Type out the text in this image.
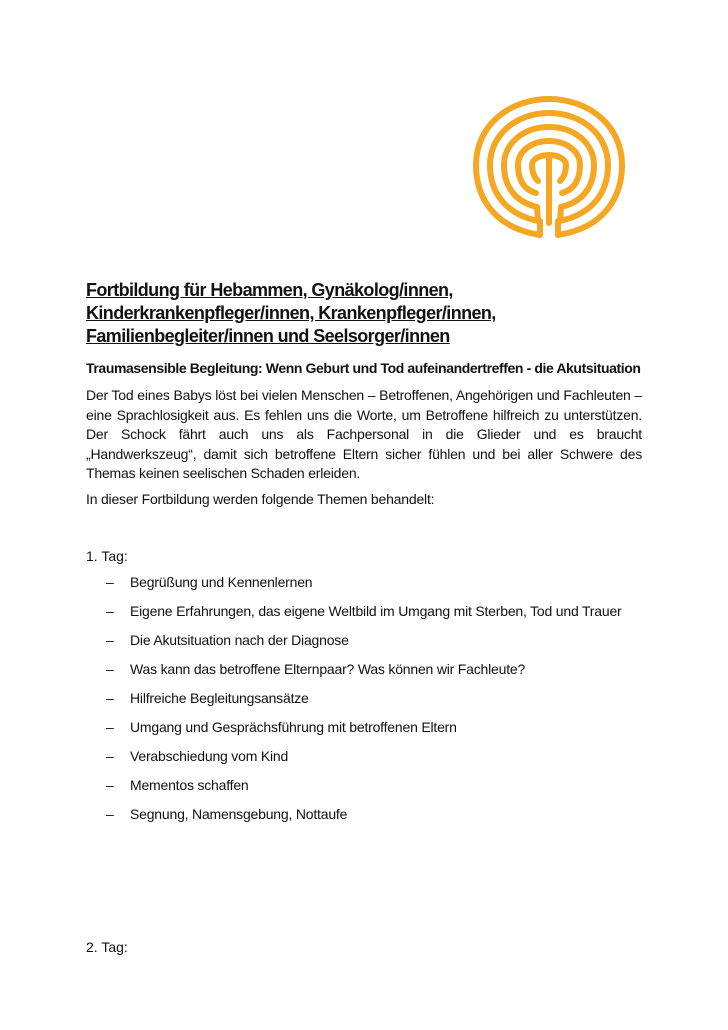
Fortbildung für Hebammen, Gynäkolog/innen, Kinderkrankenpfleger/innen, Krankenpfleger/innen, Familienbegleiter/innen und Seelsorger/innen
Traumasensible Begleitung: Wenn Geburt und Tod aufeinandertreffen - die Akutsituation
Der Tod eines Babys löst bei vielen Menschen – Betroffenen, Angehörigen und Fachleuten – eine Sprachlosigkeit aus. Es fehlen uns die Worte, um Betroffene hilfreich zu unterstützen. Der Schock fährt auch uns als Fachpersonal in die Glieder und es braucht „Handwerkszeug“, damit sich betroffene Eltern sicher fühlen und bei aller Schwere des Themas keinen seelischen Schaden erleiden.
In dieser Fortbildung werden folgende Themen behandelt:
1. Tag:
– Begrüßung und Kennenlernen
– Eigene Erfahrungen, das eigene Weltbild im Umgang mit Sterben, Tod und Trauer
– Die Akutsituation nach der Diagnose
– Was kann das betroffene Elternpaar? Was können wir Fachleute?
– Hilfreiche Begleitungsansätze
– Umgang und Gesprächsführung mit betroffenen Eltern
– Verabschiedung vom Kind
– Mementos schaffen
– Segnung, Namensgebung, Nottaufe
2. Tag:
